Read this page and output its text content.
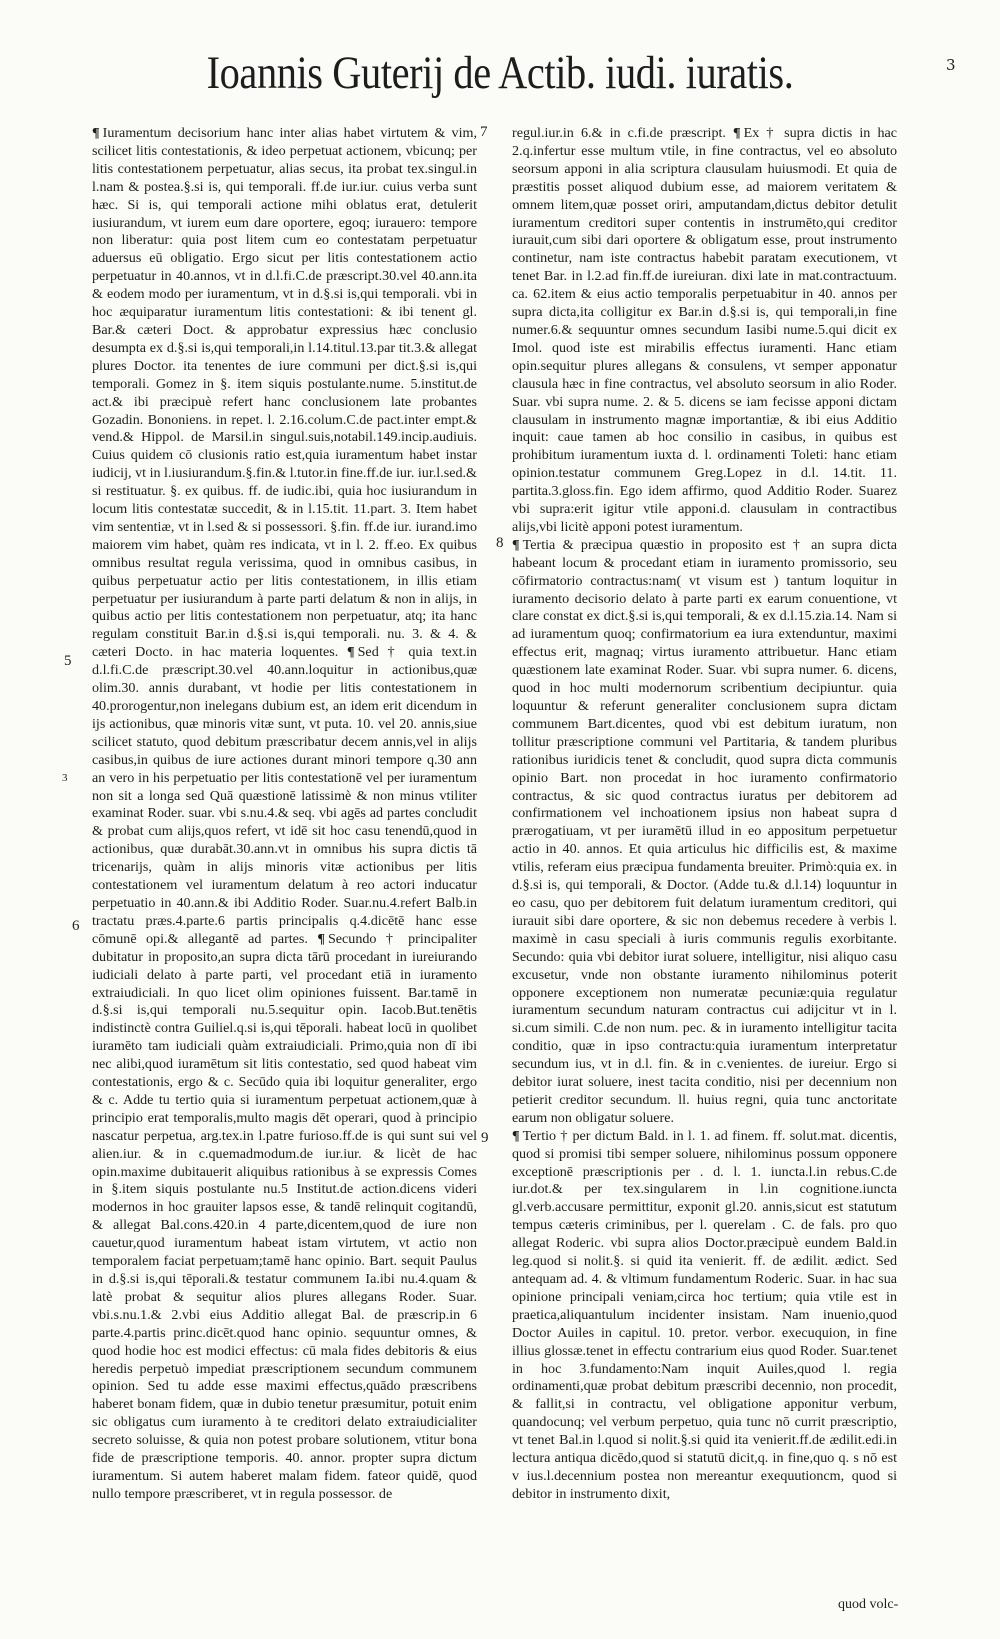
3
Ioannis Guterij de Actib. iudi. iuratis.
7
8
5
3
6
9

¶ Iuramentum decisorium hanc inter alias habet virtutem & vim, scilicet litis contestationis, & ideo perpetuat actionem, vbicunq; per litis contestationem perpetuatur, alias secus, ita probat tex.singul.in l.nam & postea.§.si is, qui temporali. ff.de iur.iur. cuius verba sunt hæc. Si is, qui temporali actione mihi oblatus erat, detulerit iusiurandum, vt iurem eum dare oportere, egoq; iurauero: tempore non liberatur: quia post litem cum eo contestatam perpetuatur aduersus eū obligatio. Ergo sicut per litis contestationem actio perpetuatur in 40.annos, vt in d.l.fi.C.de præscript.30.vel 40.ann.ita & eodem modo per iuramentum, vt in d.§.si is,qui temporali. vbi in hoc æquiparatur iuramentum litis contestationi: & ibi tenent gl. Bar.& cæteri Doct. & approbatur expressius hæc conclusio desumpta ex d.§.si is,qui temporali,in l.14.titul.13.par tit.3.& allegat plures Doctor. ita tenentes de iure communi per dict.§.si is,qui temporali. Gomez in §. item siquis postulante.nume. 5.institut.de act.& ibi præcipuè refert hanc conclusionem late probantes Gozadin. Bononiens. in repet. l. 2.16.colum.C.de pact.inter empt.& vend.& Hippol. de Marsil.in singul.suis,notabil.149.incip.audiuis. Cuius quidem cō clusionis ratio est,quia iuramentum habet instar iudicij, vt in l.iusiurandum.§.fin.& l.tutor.in fine.ff.de iur. iur.l.sed.& si restituatur. §. ex quibus. ff. de iudic.ibi, quia hoc iusiurandum in locum litis contestatæ succedit, & in l.15.tit. 11.part. 3. Item habet vim sententiæ, vt in l.sed & si possessori. §.fin. ff.de iur. iurand.imo maiorem vim habet, quàm res indicata, vt in l. 2. ff.eo. Ex quibus omnibus resultat regula verissima, quod in omnibus casibus, in quibus perpetuatur actio per litis contestationem, in illis etiam perpetuatur per iusiurandum à parte parti delatum & non in alijs, in quibus actio per litis contestationem non perpetuatur, atq; ita hanc regulam constituit Bar.in d.§.si is,qui temporali. nu. 3. & 4. & cæteri Docto. in hac materia loquentes. ¶ Sed † quia text.in d.l.fi.C.de præscript.30.vel 40.ann.loquitur in actionibus,quæ olim.30. annis durabant, vt hodie per litis contestationem in 40.prorogentur,non inelegans dubium est, an idem erit dicendum in ijs actionibus, quæ minoris vitæ sunt, vt puta. 10. vel 20. annis,siue scilicet statuto, quod debitum præscribatur decem annis,vel in alijs casibus,in quibus de iure actiones durant minori tempore q.30 ann an vero in his perpetuatio per litis contestationē vel per iuramentum non sit a longa sed Quā quæstionē latissimè & non minus vtiliter examinat Roder. suar. vbi s.nu.4.& seq. vbi agēs ad partes concludit & probat cum alijs,quos refert, vt idē sit hoc casu tenendū,quod in actionibus, quæ durabāt.30.ann.vt in omnibus his supra dictis tā tricenarijs, quàm in alijs minoris vitæ actionibus per litis contestationem vel iuramentum delatum à reo actori inducatur perpetuatio in 40.ann.& ibi Additio Roder. Suar.nu.4.refert Balb.in tractatu præs.4.parte.6 partis principalis q.4.dicētē hanc esse cōmunē opi.& allegantē ad partes. ¶ Secundo † principaliter dubitatur in proposito,an supra dicta tārū procedant in iureiurando iudiciali delato à parte parti, vel procedant etiā in iuramento extraiudiciali. In quo licet olim opiniones fuissent. Bar.tamē in d.§.si is,qui temporali nu.5.sequitur opin. Iacob.But.tenētis indistinctè contra Guiliel.q.si is,qui tēporali. habeat locū in quolibet iuramēto tam iudiciali quàm extraiudiciali. Primo,quia non dī ibi nec alibi,quod iuramētum sit litis contestatio, sed quod habeat vim contestationis, ergo & c. Secūdo quia ibi loquitur generaliter, ergo & c. Adde tu tertio quia si iuramentum perpetuat actionem,quæ à principio erat temporalis,multo magis dēt operari, quod à principio nascatur perpetua, arg.tex.in l.patre furioso.ff.de is qui sunt sui vel alien.iur. & in c.quemadmodum.de iur.iur. & licèt de hac opin.maxime dubitauerit aliquibus rationibus à se expressis Comes in §.item siquis postulante nu.5 Institut.de action.dicens videri modernos in hoc grauiter lapsos esse, & tandē relinquit cogitandū, & allegat Bal.cons.420.in 4 parte,dicentem,quod de iure non cauetur,quod iuramentum habeat istam virtutem, vt actio non temporalem faciat perpetuam;tamē hanc opinio. Bart. sequit Paulus in d.§.si is,qui tēporali.& testatur communem Ia.ibi nu.4.quam & latè probat & sequitur alios plures allegans Roder. Suar. vbi.s.nu.1.& 2.vbi eius Additio allegat Bal. de præscrip.in 6 parte.4.partis princ.dicēt.quod hanc opinio. sequuntur omnes, & quod hodie hoc est modici effectus: cū mala fides debitoris & eius heredis perpetuò impediat præscriptionem secundum communem opinion. Sed tu adde esse maximi effectus,quādo præscribens haberet bonam fidem, quæ in dubio tenetur præsumitur, potuit enim sic obligatus cum iuramento à te creditori delato extraiudicialiter secreto soluisse, & quia non potest probare solutionem, vtitur bona fide de præscriptione temporis. 40. annor. propter supra dictum iuramentum. Si autem haberet malam fidem. fateor quidē, quod nullo tempore præscriberet, vt in regula possessor. de

regul.iur.in 6.& in c.fi.de præscript. ¶ Ex † supra dictis in hac 2.q.infertur esse multum vtile, in fine contractus, vel eo absoluto seorsum apponi in alia scriptura clausulam huiusmodi. Et quia de præstitis posset aliquod dubium esse, ad maiorem veritatem & omnem litem,quæ posset oriri, amputandam,dictus debitor detulit iuramentum creditori super contentis in instrumēto,qui creditor iurauit,cum sibi dari oportere & obligatum esse, prout instrumento continetur, nam iste contractus habebit paratam executionem, vt tenet Bar. in l.2.ad fin.ff.de iureiuran. dixi late in mat.contractuum. ca. 62.item & eius actio temporalis perpetuabitur in 40. annos per supra dicta,ita colligitur ex Bar.in d.§.si is, qui temporali,in fine numer.6.& sequuntur omnes secundum Iasibi nume.5.qui dicit ex Imol. quod iste est mirabilis effectus iuramenti. Hanc etiam opin.sequitur plures allegans & consulens, vt semper apponatur clausula hæc in fine contractus, vel absoluto seorsum in alio Roder. Suar. vbi supra nume. 2. & 5. dicens se iam fecisse apponi dictam clausulam in instrumento magnæ importantiæ, & ibi eius Additio inquit: caue tamen ab hoc consilio in casibus, in quibus est prohibitum iuramentum iuxta d. l. ordinamenti Toleti: hanc etiam opinion.testatur communem Greg.Lopez in d.l. 14.tit. 11. partita.3.gloss.fin. Ego idem affirmo, quod Additio Roder. Suarez vbi supra:erit igitur vtile apponi.d. clausulam in contractibus alijs,vbi licitè apponi potest iuramentum.

¶ Tertia & præcipua quæstio in proposito est † an supra dicta habeant locum & procedant etiam in iuramento promissorio, seu cōfirmatorio contractus:nam( vt visum est ) tantum loquitur in iuramento decisorio delato à parte parti ex earum conuentione, vt clare constat ex dict.§.si is,qui temporali, & ex d.l.15.zia.14. Nam si ad iuramentum quoq; confirmatorium ea iura extenduntur, maximi effectus erit, magnaq; virtus iuramento attribuetur. Hanc etiam quæstionem late examinat Roder. Suar. vbi supra numer. 6. dicens, quod in hoc multi modernorum scribentium decipiuntur. quia loquuntur & referunt generaliter conclusionem supra dictam communem Bart.dicentes, quod vbi est debitum iuratum, non tollitur præscriptione communi vel Partitaria, & tandem pluribus rationibus iuridicis tenet & concludit, quod supra dicta communis opinio Bart. non procedat in hoc iuramento confirmatorio contractus, & sic quod contractus iuratus per debitorem ad confirmationem vel inchoationem ipsius non habeat supra d prærogatiuam, vt per iuramētū illud in eo appositum perpetuetur actio in 40. annos. Et quia articulus hic difficilis est, & maxime vtilis, referam eius præcipua fundamenta breuiter. Primò:quia ex. in d.§.si is, qui temporali, & Doctor. (Adde tu.& d.l.14) loquuntur in eo casu, quo per debitorem fuit delatum iuramentum creditori, qui iurauit sibi dare oportere, & sic non debemus recedere à verbis l. maximè in casu speciali à iuris communis regulis exorbitante. Secundo: quia vbi debitor iurat soluere, intelligitur, nisi aliquo casu excusetur, vnde non obstante iuramento nihilominus poterit opponere exceptionem non numeratæ pecuniæ:quia regulatur iuramentum secundum naturam contractus cui adijcitur vt in l. si.cum simili. C.de non num. pec. & in iuramento intelligitur tacita conditio, quæ in ipso contractu:quia iuramentum interpretatur secundum ius, vt in d.l. fin. & in c.venientes. de iureiur. Ergo si debitor iurat soluere, inest tacita conditio, nisi per decennium non petierit creditor secundum. ll. huius regni, quia tunc anctoritate earum non obligatur soluere.

¶ Tertio † per dictum Bald. in l. 1. ad finem. ff. solut.mat. dicentis, quod si promisi tibi semper soluere, nihilominus possum opponere exceptionē præscriptionis per . d. l. 1. iuncta.l.in rebus.C.de iur.dot.& per tex.singularem in l.in cognitione.iuncta gl.verb.accusare permittitur, exponit gl.20. annis,sicut est statutum tempus cæteris criminibus, per l. querelam . C. de fals. pro quo allegat Roderic. vbi supra alios Doctor.præcipuè eundem Bald.in leg.quod si nolit.§. si quid ita venierit. ff. de ædilit. ædict. Sed antequam ad. 4. & vltimum fundamentum Roderic. Suar. in hac sua opinione principali veniam,circa hoc tertium; quia vtile est in praetica,aliquantulum incidenter insistam. Nam inuenio,quod Doctor Auiles in capitul. 10. pretor. verbor. execuquion, in fine illius glossæ.tenet in effectu contrarium eius quod Roder. Suar.tenet in hoc 3.fundamento:Nam inquit Auiles,quod l. regia ordinamenti,quæ probat debitum præscribi decennio, non procedit, & fallit,si in contractu, vel obligatione apponitur verbum, quandocunq; vel verbum perpetuo, quia tunc nō currit præscriptio, vt tenet Bal.in l.quod si nolit.§.si quid ita venierit.ff.de ædilit.edi.in lectura antiqua dicēdo,quod si statutū dicit,q. in fine,quo q. s nō est v ius.l.decennium postea non mereantur exequutioncm, quod si debitor in instrumento dixit,

quod volc-
